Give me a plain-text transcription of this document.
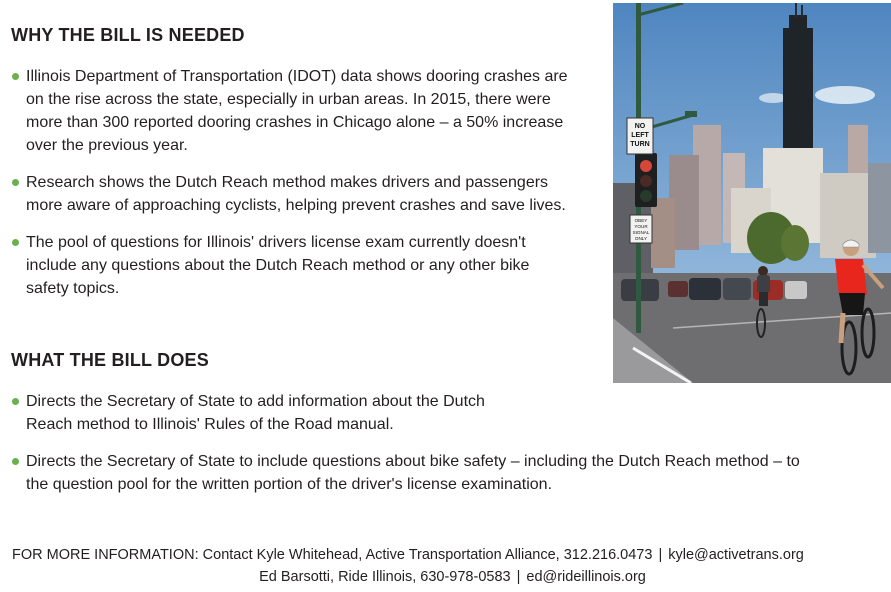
WHY THE BILL IS NEEDED
Illinois Department of Transportation (IDOT) data shows dooring crashes are on the rise across the state, especially in urban areas. In 2015, there were more than 300 reported dooring crashes in Chicago alone – a 50% increase over the previous year.
Research shows the Dutch Reach method makes drivers and passengers more aware of approaching cyclists, helping prevent crashes and save lives.
The pool of questions for Illinois' drivers license exam currently doesn't include any questions about the Dutch Reach method or any other bike safety topics.
WHAT THE BILL DOES
Directs the Secretary of State to add information about the Dutch Reach method to Illinois' Rules of the Road manual.
Directs the Secretary of State to include questions about bike safety – including the Dutch Reach method – to the question pool for the written portion of the driver's license examination.
NO
LEFT
TURN
OBEY
YOUR
SIGNAL
ONLY
FOR MORE INFORMATION: Contact Kyle Whitehead, Active Transportation Alliance, 312.216.0473 | kyle@activetrans.org
Ed Barsotti, Ride Illinois, 630-978-0583 | ed@rideillinois.org
